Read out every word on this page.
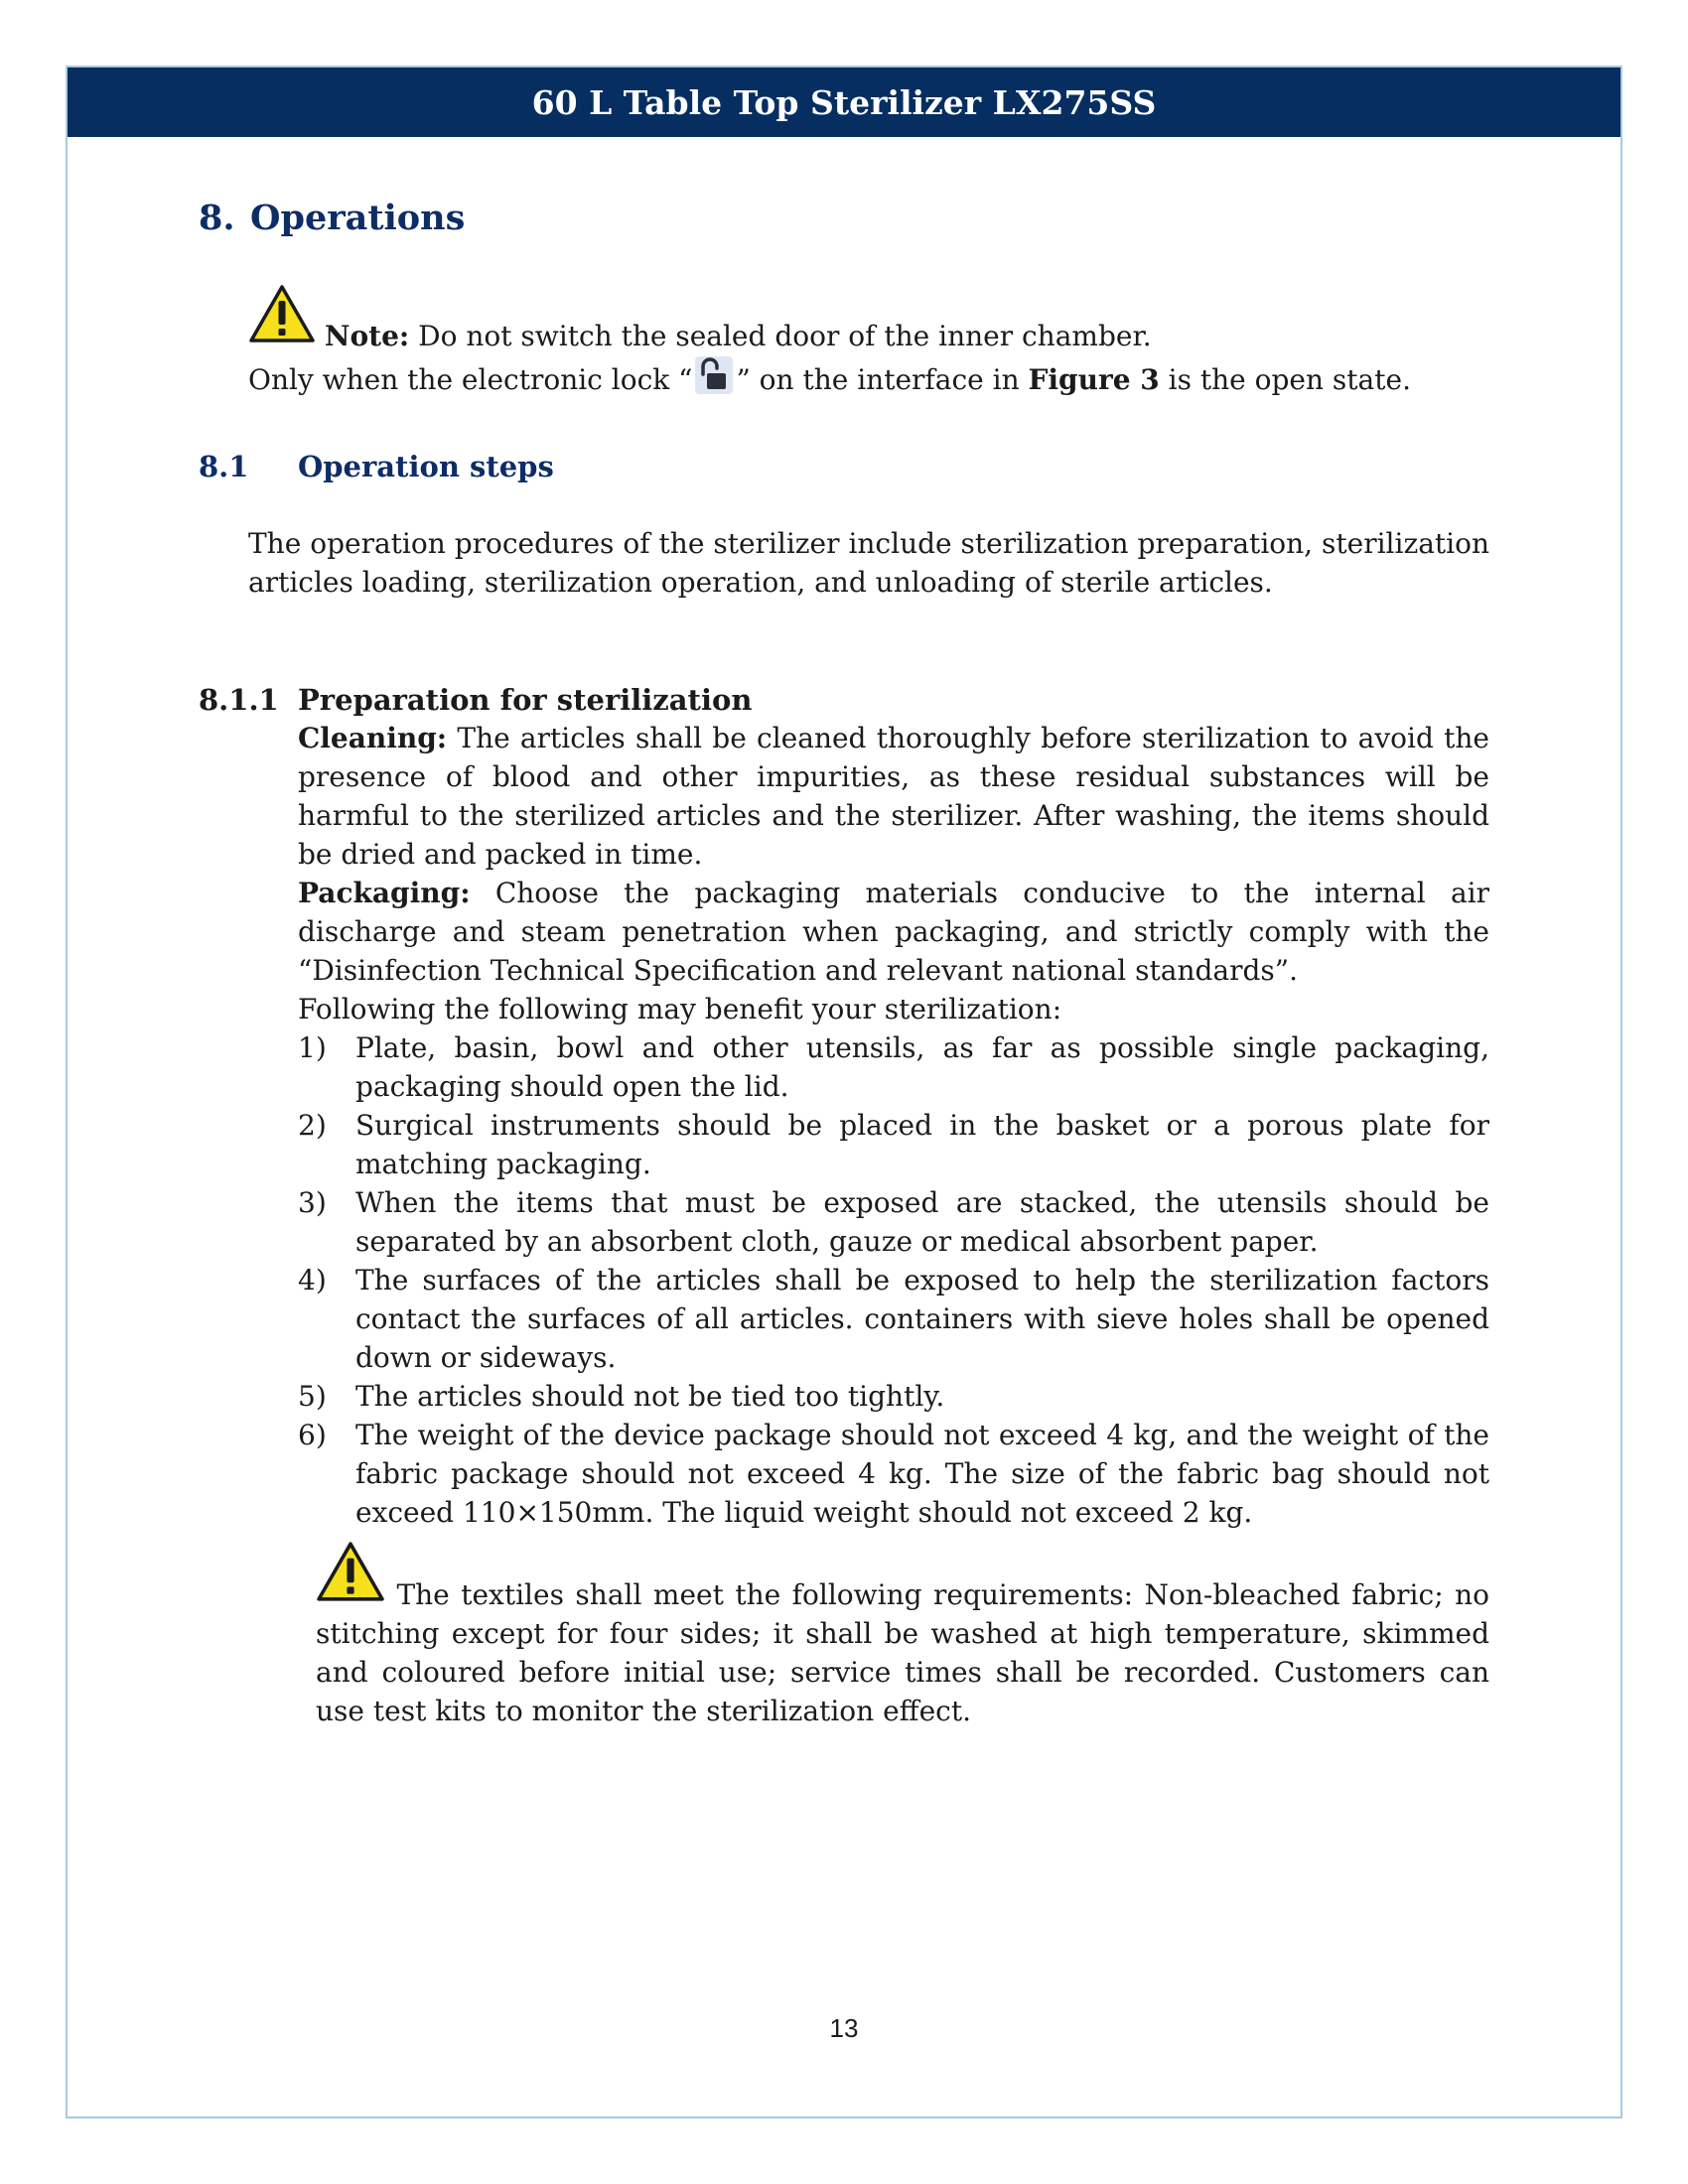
60 L Table Top Sterilizer LX275SS
8. Operations
Note: Do not switch the sealed door of the inner chamber.
Only when the electronic lock “ ” on the interface in Figure 3 is the open state.
8.1	Operation steps
The operation procedures of the sterilizer include sterilization preparation, sterilization articles loading, sterilization operation, and unloading of sterile articles.
8.1.1 Preparation for sterilization
Cleaning: The articles shall be cleaned thoroughly before sterilization to avoid the presence of blood and other impurities, as these residual substances will be harmful to the sterilized articles and the sterilizer. After washing, the items should be dried and packed in time.
Packaging: Choose the packaging materials conducive to the internal air discharge and steam penetration when packaging, and strictly comply with the “Disinfection Technical Specification and relevant national standards”.
Following the following may benefit your sterilization:
1)	Plate, basin, bowl and other utensils, as far as possible single packaging, packaging should open the lid.
2)	Surgical instruments should be placed in the basket or a porous plate for matching packaging.
3)	When the items that must be exposed are stacked, the utensils should be separated by an absorbent cloth, gauze or medical absorbent paper.
4)	The surfaces of the articles shall be exposed to help the sterilization factors contact the surfaces of all articles. containers with sieve holes shall be opened down or sideways.
5)	The articles should not be tied too tightly.
6)	The weight of the device package should not exceed 4 kg, and the weight of the fabric package should not exceed 4 kg. The size of the fabric bag should not exceed 110×150mm. The liquid weight should not exceed 2 kg.
The textiles shall meet the following requirements: Non-bleached fabric; no stitching except for four sides; it shall be washed at high temperature, skimmed and coloured before initial use; service times shall be recorded. Customers can use test kits to monitor the sterilization effect.
13
